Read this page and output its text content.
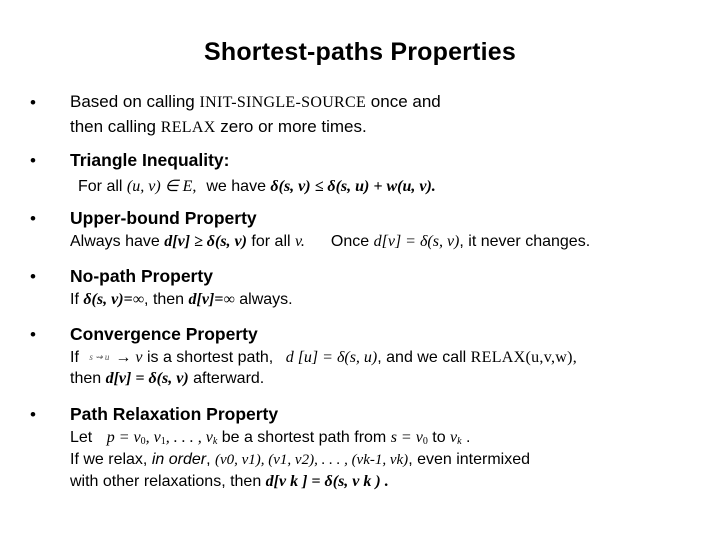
Shortest-paths Properties
• Based on calling INIT-SINGLE-SOURCE once and
then calling RELAX zero or more times.
• Triangle Inequality:
For all (u, v) ∈ E, we have δ(s, v) ≤ δ(s, u) + w(u, v).
• Upper-bound Property
Always have d[v] ≥ δ(s, v) for all v. Once d[v] = δ(s, v), it never changes.
• No-path Property
If δ(s, v)=∞, then d[v]=∞ always.
• Convergence Property
If s ⇝ u → v is a shortest path, d [u] = δ(s, u), and we call RELAX(u,v,w),
then d[v] = δ(s, v) afterward.
• Path Relaxation Property
Let $p = v_0$, $v_1$, . . . , $v_k$ be a shortest path from $s = v_0$ to $v_k$ .
If we relax, in order, (v0, v1), (v1, v2), . . . , (vk-1, vk), even intermixed
with other relaxations, then d[v k ] = δ(s, v k ) .
